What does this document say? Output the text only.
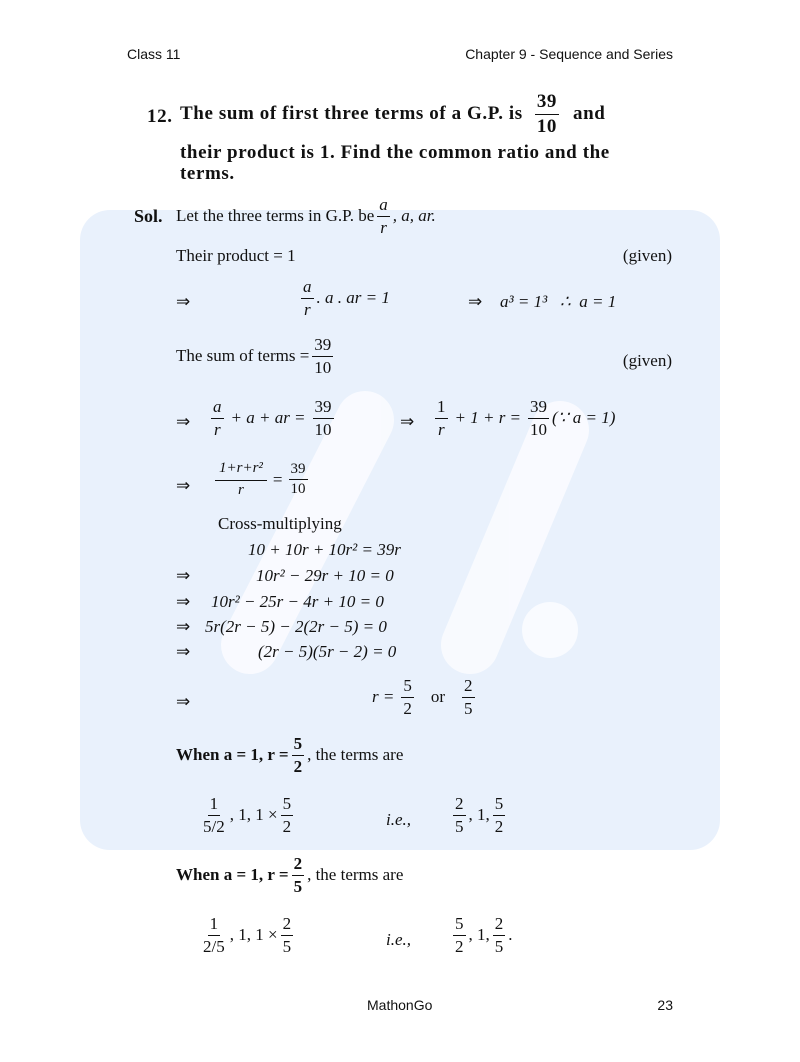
Class 11	Chapter 9 - Sequence and Series
12. The sum of first three terms of a G.P. is $\frac{39}{10}$ and
their product is 1. Find the common ratio and the
terms.
Sol. Let the three terms in G.P. be $\frac{a}{r}$ , a, ar.
Their product = 1	(given)
⇒	$\frac{a}{r}$ . a . ar = 1	⇒ a³ = 1³   ∴  a = 1
The sum of terms = $\frac{39}{10}$	(given)
⇒ $\frac{a}{r} + a$ + ar = $\frac{39}{10}$	⇒ $\frac{1}{r} + 1 + r = \frac{39}{10}$ (∵ a = 1)
⇒ $\frac{\text{1+r+r²}}{r} = \frac{39}{10}$
Cross-multiplying
10 + 10r + 10r² = 39r
⇒	10r² − 29r + 10 = 0
⇒ 10r² − 25r − 4r + 10 = 0
⇒ 5r(2r − 5) − 2(2r − 5) = 0
⇒	(2r − 5)(5r − 2) = 0
⇒	$r = \frac{5}{2}$ or $\frac{2}{5}$
When a = 1, $r = \frac{5}{2}$ , the terms are
$\frac{1}{5/2}$ , 1, $1 \times \frac{5}{2}$	i.e., $\frac{2}{5}$ , 1, $\frac{5}{2}$
When a = 1, $r = \frac{2}{5}$ , the terms are
$\frac{1}{2/5}$ , 1, $1 \times \frac{2}{5}$	i.e., $\frac{5}{2}$ , 1, $\frac{2}{5}$ .
MathonGo	23
